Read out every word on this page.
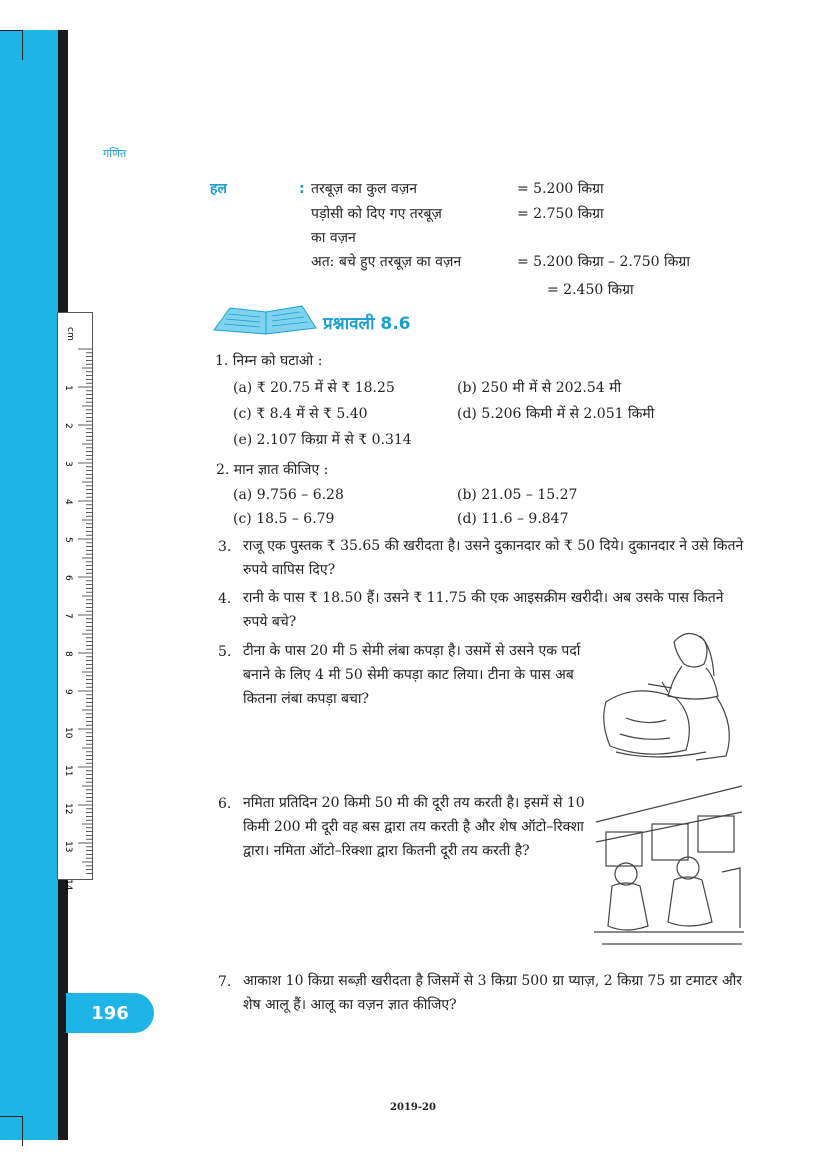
cm
1
2
3
4
5
6
7
8
9
10
11
12
13
14
196
गणित
हल	: तरबूज़ का कुल वज़न	= 5.200 किग्रा
पड़ोसी को दिए गए तरबूज़	= 2.750 किग्रा
का वज़न
अत: बचे हुए तरबूज़ का वज़न	= 5.200 किग्रा – 2.750 किग्रा
= 2.450 किग्रा
प्रश्नावली 8.6
1. निम्न को घटाओ :
(a) ₹ 20.75 में से ₹ 18.25	(b) 250 मी में से 202.54 मी
(c) ₹ 8.4 में से ₹ 5.40	(d) 5.206 किमी में से 2.051 किमी
(e) 2.107 किग्रा में से ₹ 0.314
2. मान ज्ञात कीजिए :
(a) 9.756 – 6.28	(b) 21.05 – 15.27
(c) 18.5 – 6.79	(d) 11.6 – 9.847
3. राजू एक पुस्तक ₹ 35.65 की खरीदता है। उसने दुकानदार को ₹ 50 दिये। दुकानदार ने उसे कितने रुपये वापिस दिए?
4. रानी के पास ₹ 18.50 हैं। उसने ₹ 11.75 की एक आइसक्रीम खरीदी। अब उसके पास कितने रुपये बचे?
5. टीना के पास 20 मी 5 सेमी लंबा कपड़ा है। उसमें से उसने एक पर्दा बनाने के लिए 4 मी 50 सेमी कपड़ा काट लिया। टीना के पास अब कितना लंबा कपड़ा बचा?
6. नमिता प्रतिदिन 20 किमी 50 मी की दूरी तय करती है। इसमें से 10 किमी 200 मी दूरी वह बस द्वारा तय करती है और शेष ऑटो–रिक्शा द्वारा। नमिता ऑटो–रिक्शा द्वारा कितनी दूरी तय करती है?
7. आकाश 10 किग्रा सब्ज़ी खरीदता है जिसमें से 3 किग्रा 500 ग्रा प्याज़, 2 किग्रा 75 ग्रा टमाटर और शेष आलू हैं। आलू का वज़न ज्ञात कीजिए?
2019-20
